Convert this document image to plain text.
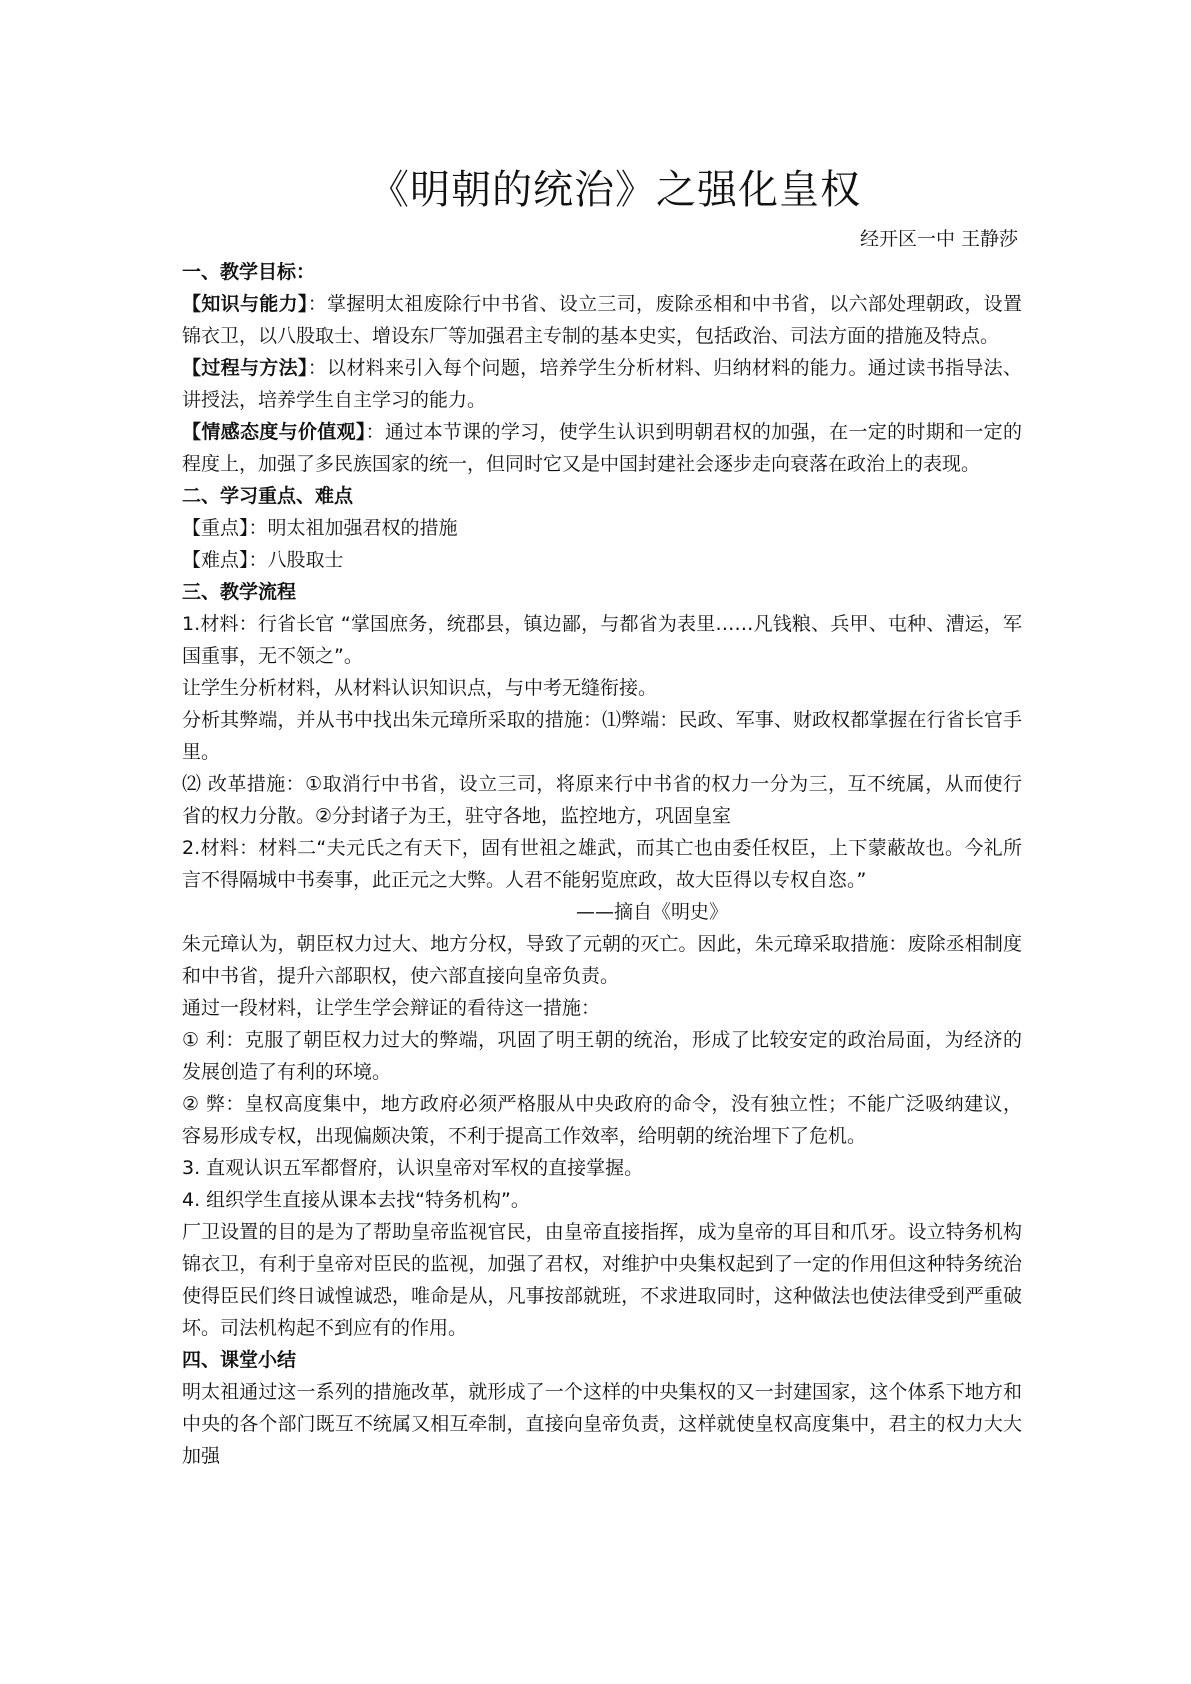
《明朝的统治》之强化皇权

经开区一中 王静莎

一、教学目标：

【知识与能力】：掌握明太祖废除行中书省、设立三司，废除丞相和中书省，以六部处理朝政，设置锦衣卫，以八股取士、增设东厂等加强君主专制的基本史实，包括政治、司法方面的措施及特点。

【过程与方法】：以材料来引入每个问题，培养学生分析材料、归纳材料的能力。通过读书指导法、讲授法，培养学生自主学习的能力。

【情感态度与价值观】：通过本节课的学习，使学生认识到明朝君权的加强，在一定的时期和一定的程度上，加强了多民族国家的统一，但同时它又是中国封建社会逐步走向衰落在政治上的表现。

二、学习重点、难点

【重点】：明太祖加强君权的措施

【难点】：八股取士

三、教学流程

1.材料：行省长官 “掌国庶务，统郡县，镇边鄙，与都省为表里……凡钱粮、兵甲、屯种、漕运，军国重事，无不领之”。

让学生分析材料，从材料认识知识点，与中考无缝衔接。

分析其弊端，并从书中找出朱元璋所采取的措施：⑴弊端：民政、军事、财政权都掌握在行省长官手里。

⑵ 改革措施：①取消行中书省，设立三司，将原来行中书省的权力一分为三，互不统属，从而使行省的权力分散。②分封诸子为王，驻守各地，监控地方，巩固皇室

2.材料：材料二“夫元氏之有天下，固有世祖之雄武，而其亡也由委任权臣，上下蒙蔽故也。今礼所言不得隔城中书奏事，此正元之大弊。人君不能躬览庶政，故大臣得以专权自恣。”

——摘自《明史》

朱元璋认为，朝臣权力过大、地方分权，导致了元朝的灭亡。因此，朱元璋采取措施：废除丞相制度和中书省，提升六部职权，使六部直接向皇帝负责。

通过一段材料，让学生学会辩证的看待这一措施：

① 利：克服了朝臣权力过大的弊端，巩固了明王朝的统治，形成了比较安定的政治局面，为经济的发展创造了有利的环境。

② 弊：皇权高度集中，地方政府必须严格服从中央政府的命令，没有独立性；不能广泛吸纳建议，容易形成专权，出现偏颇决策，不利于提高工作效率，给明朝的统治埋下了危机。

3. 直观认识五军都督府，认识皇帝对军权的直接掌握。

4. 组织学生直接从课本去找“特务机构”。

厂卫设置的目的是为了帮助皇帝监视官民，由皇帝直接指挥，成为皇帝的耳目和爪牙。设立特务机构锦衣卫，有利于皇帝对臣民的监视，加强了君权，对维护中央集权起到了一定的作用但这种特务统治使得臣民们终日诚惶诚恐，唯命是从，凡事按部就班，不求进取同时，这种做法也使法律受到严重破坏。司法机构起不到应有的作用。

四、课堂小结

明太祖通过这一系列的措施改革，就形成了一个这样的中央集权的又一封建国家，这个体系下地方和中央的各个部门既互不统属又相互牵制，直接向皇帝负责，这样就使皇权高度集中，君主的权力大大加强
